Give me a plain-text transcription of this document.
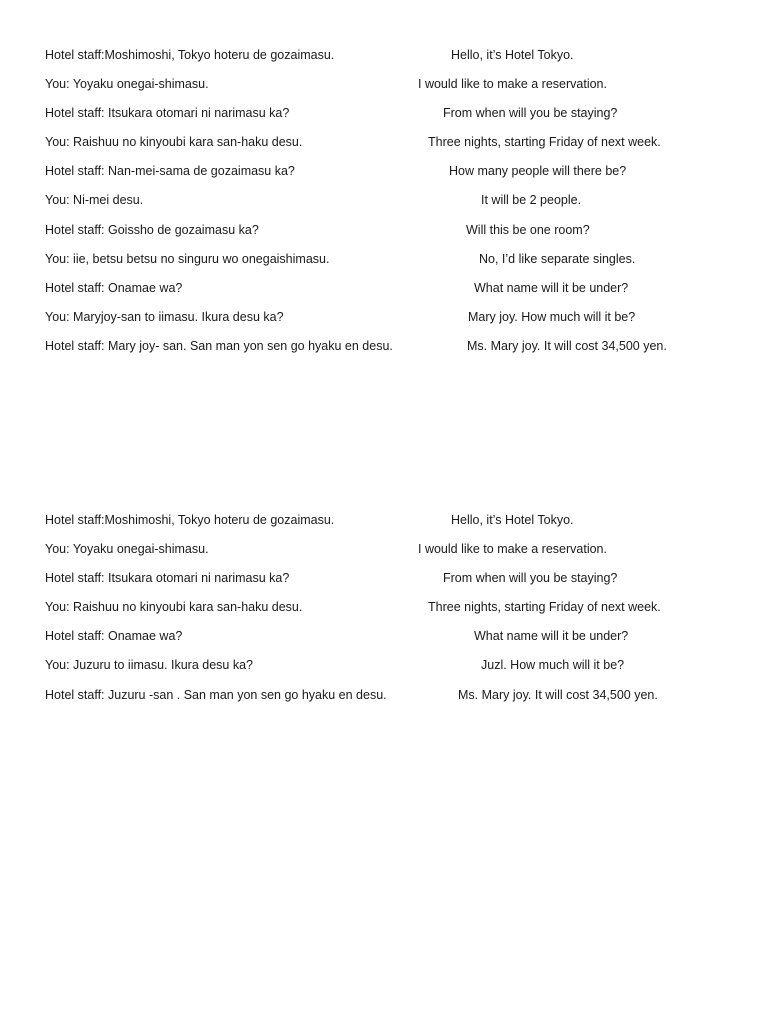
Hotel staff:Moshimoshi, Tokyo hoteru de gozaimasu.	Hello, it’s Hotel Tokyo.
You: Yoyaku onegai-shimasu.	I would like to make a reservation.
Hotel staff: Itsukara otomari ni narimasu ka?	From when will you be staying?
You: Raishuu no kinyoubi kara san-haku desu.	Three nights, starting Friday of next week.
Hotel staff: Nan-mei-sama de gozaimasu ka?	How many people will there be?
You: Ni-mei desu.	It will be 2 people.
Hotel staff: Goissho de gozaimasu ka?	Will this be one room?
You: iie, betsu betsu no singuru wo onegaishimasu.	No, I’d like separate singles.
Hotel staff: Onamae wa?	What name will it be under?
You: Maryjoy-san to iimasu. Ikura desu ka?	Mary joy. How much will it be?
Hotel staff: Mary joy- san. San man yon sen go hyaku en desu.	Ms. Mary joy. It will cost 34,500 yen.
Hotel staff:Moshimoshi, Tokyo hoteru de gozaimasu.	Hello, it’s Hotel Tokyo.
You: Yoyaku onegai-shimasu.	I would like to make a reservation.
Hotel staff: Itsukara otomari ni narimasu ka?	From when will you be staying?
You: Raishuu no kinyoubi kara san-haku desu.	Three nights, starting Friday of next week.
Hotel staff: Onamae wa?	What name will it be under?
You: Juzuru to iimasu. Ikura desu ka?	Juzl. How much will it be?
Hotel staff: Juzuru -san . San man yon sen go hyaku en desu.	Ms. Mary joy. It will cost 34,500 yen.
